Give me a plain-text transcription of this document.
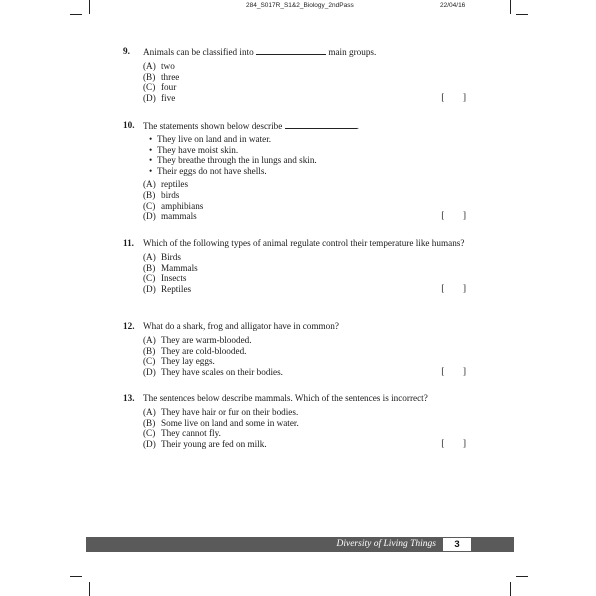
284_S017R_S1&2_Biology_2ndPass	22/04/16
9.	Animals can be classified into	main groups.
(A) two
(B) three
(C) four
(D) five	[ ]
10. The statements shown below describe	.
• They live on land and in water.
• They have moist skin.
• They breathe through the in lungs and skin.
• Their eggs do not have shells.
(A) reptiles
(B) birds
(C) amphibians
(D) mammals	[ ]
11. Which of the following types of animal regulate control their temperature like humans?
(A) Birds
(B) Mammals
(C) Insects
(D) Reptiles	[ ]
12. What do a shark, frog and alligator have in common?
(A) They are warm-blooded.
(B) They are cold-blooded.
(C) They lay eggs.
(D) They have scales on their bodies.	[ ]
13. The sentences below describe mammals. Which of the sentences is incorrect?
(A) They have hair or fur on their bodies.
(B) Some live on land and some in water.
(C) They cannot fly.
(D) Their young are fed on milk.	[ ]
Diversity of Living Things	3
